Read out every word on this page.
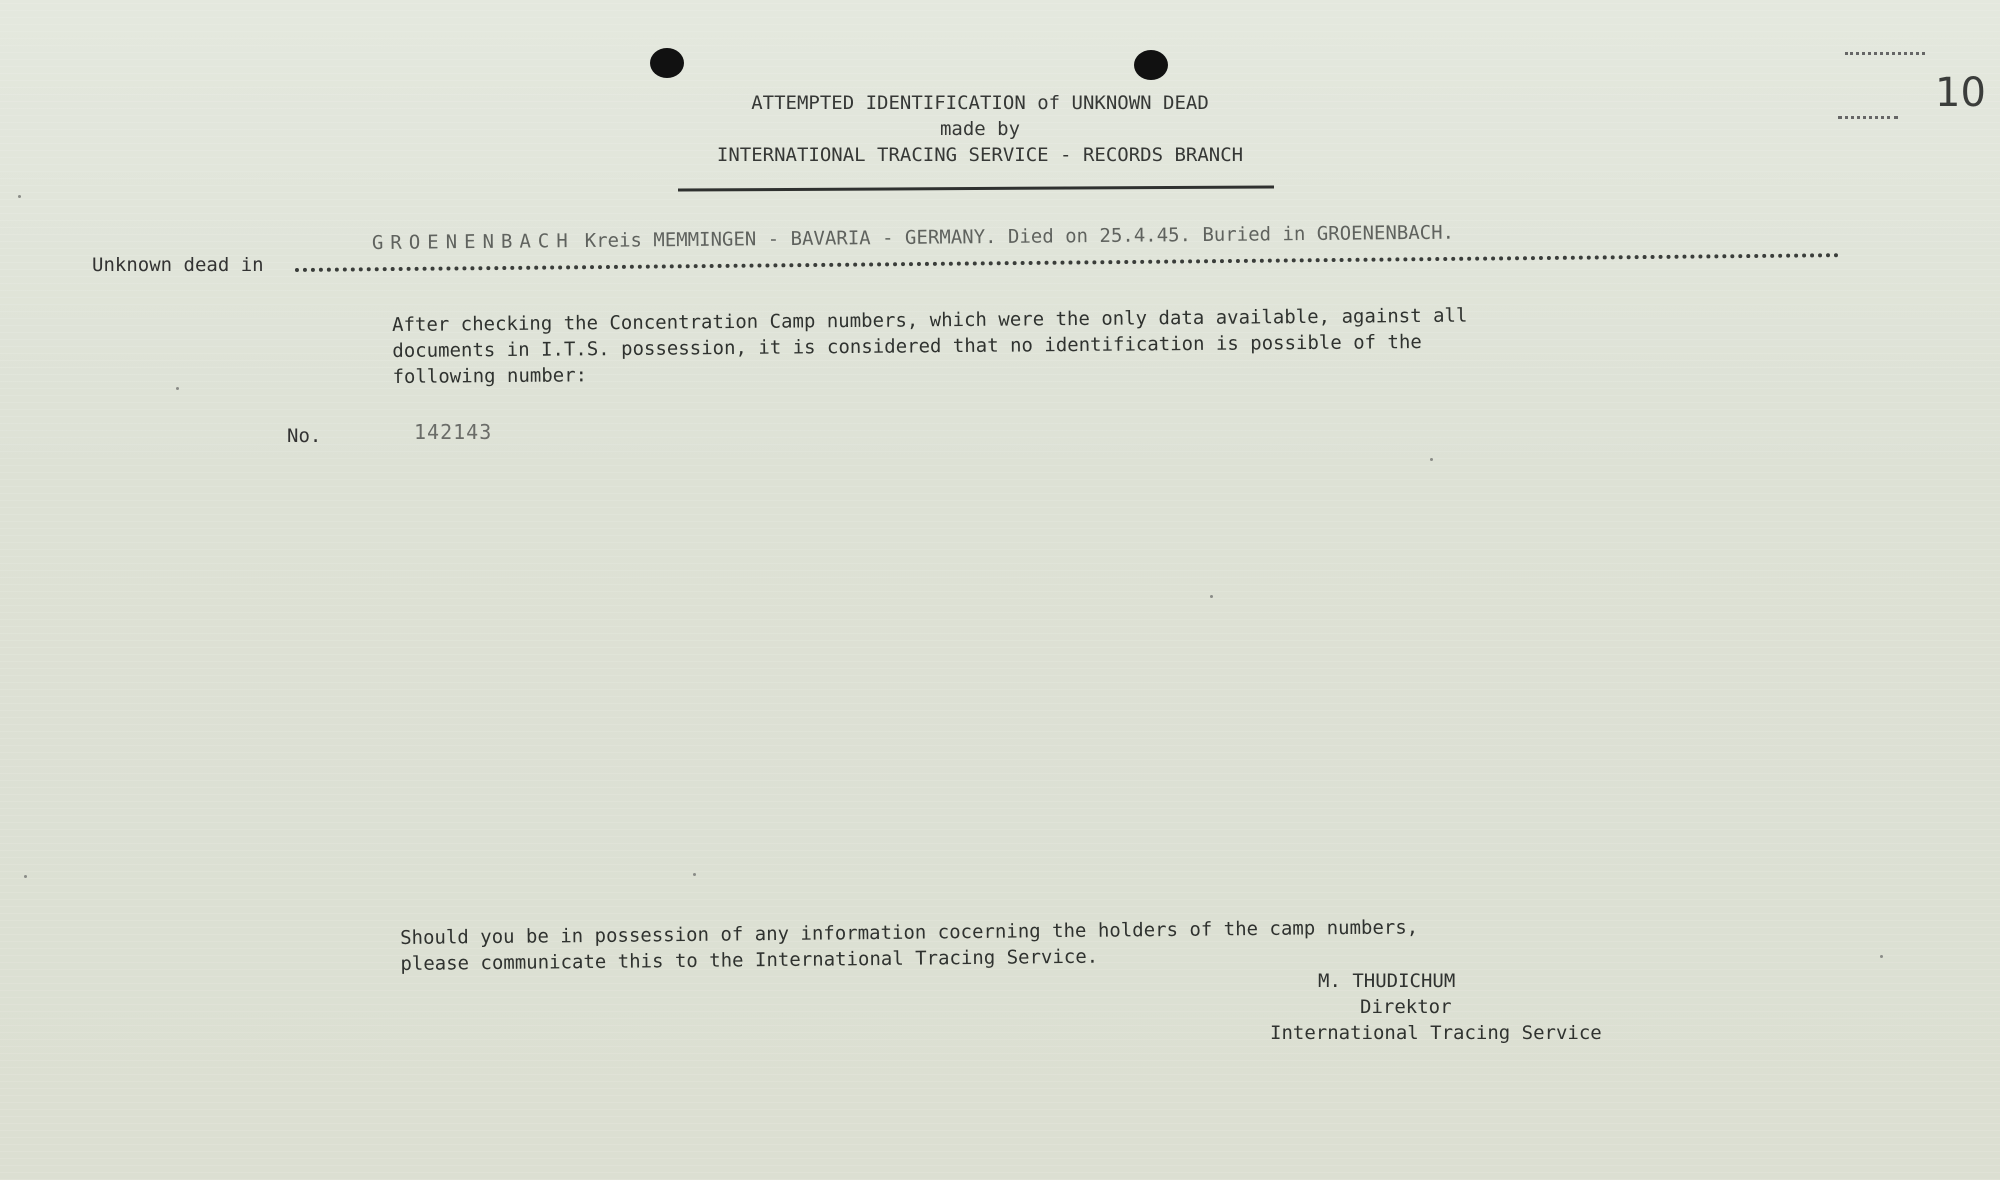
10
ATTEMPTED IDENTIFICATION of UNKNOWN DEAD
made by
INTERNATIONAL TRACING SERVICE - RECORDS BRANCH
Unknown dead in
GROENENBACH Kreis MEMMINGEN - BAVARIA - GERMANY. Died on 25.4.45. Buried in GROENENBACH.
After checking the Concentration Camp numbers, which were the only data available, against all
documents in I.T.S. possession, it is considered that no identification is possible of the
following number:
No.	142143
Should you be in possession of any information cocerning the holders of the camp numbers,
please communicate this to the International Tracing Service.
M. THUDICHUM
Direktor
International Tracing Service
